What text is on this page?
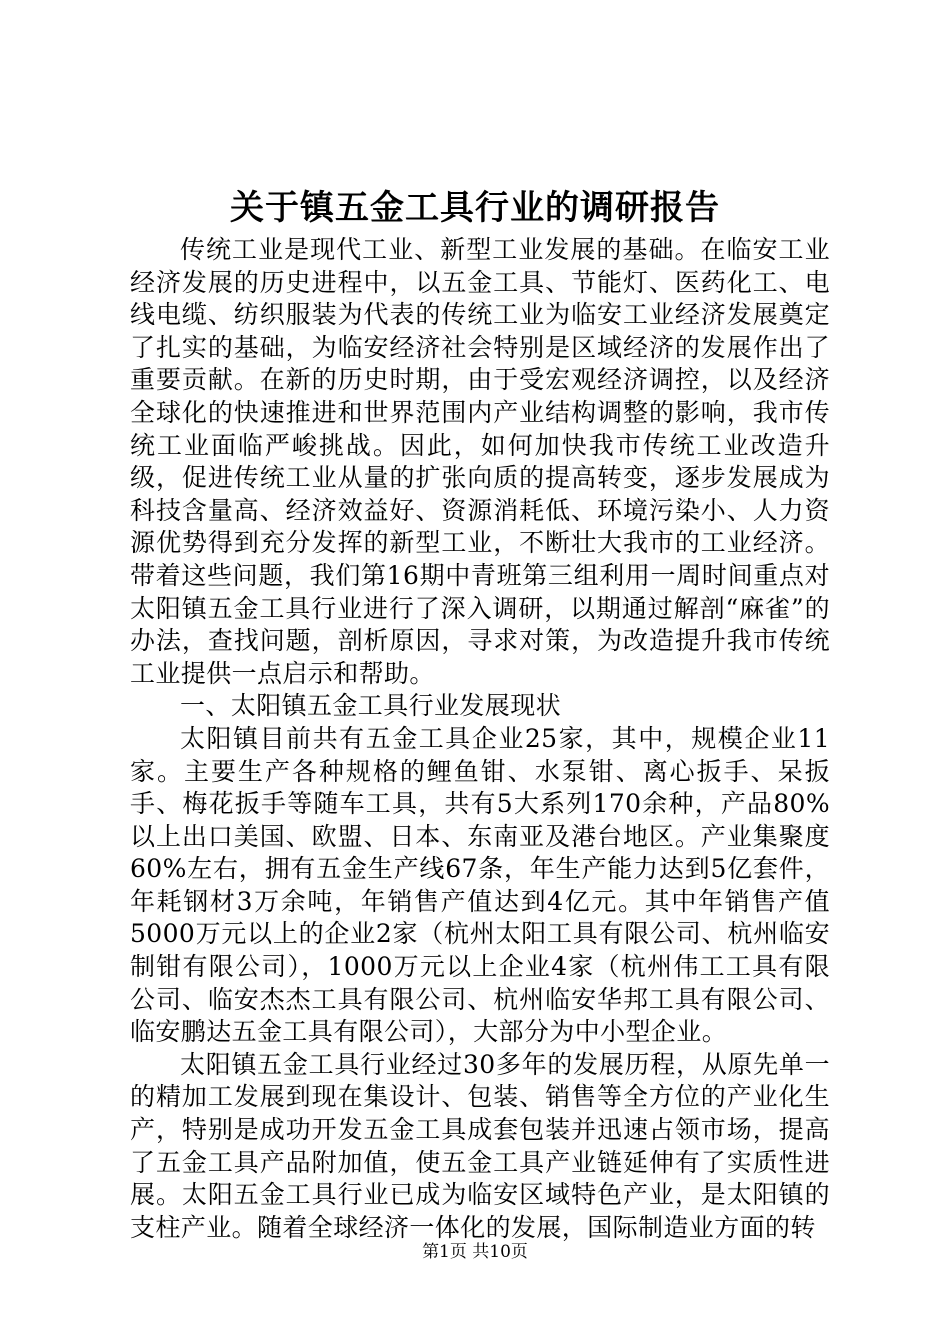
关于镇五金工具行业的调研报告

传统工业是现代工业、新型工业发展的基础。在临安工业经济发展的历史进程中，以五金工具、节能灯、医药化工、电线电缆、纺织服装为代表的传统工业为临安工业经济发展奠定了扎实的基础，为临安经济社会特别是区域经济的发展作出了重要贡献。在新的历史时期，由于受宏观经济调控，以及经济全球化的快速推进和世界范围内产业结构调整的影响，我市传统工业面临严峻挑战。因此，如何加快我市传统工业改造升级，促进传统工业从量的扩张向质的提高转变，逐步发展成为科技含量高、经济效益好、资源消耗低、环境污染小、人力资源优势得到充分发挥的新型工业，不断壮大我市的工业经济。带着这些问题，我们第16期中青班第三组利用一周时间重点对太阳镇五金工具行业进行了深入调研，以期通过解剖“麻雀”的办法，查找问题，剖析原因，寻求对策，为改造提升我市传统工业提供一点启示和帮助。

一、太阳镇五金工具行业发展现状

太阳镇目前共有五金工具企业25家，其中，规模企业11家。主要生产各种规格的鲤鱼钳、水泵钳、离心扳手、呆扳手、梅花扳手等随车工具，共有5大系列170余种，产品80%以上出口美国、欧盟、日本、东南亚及港台地区。产业集聚度60%左右，拥有五金生产线67条，年生产能力达到5亿套件，年耗钢材3万余吨，年销售产值达到4亿元。其中年销售产值5000万元以上的企业2家（杭州太阳工具有限公司、杭州临安制钳有限公司），1000万元以上企业4家（杭州伟工工具有限公司、临安杰杰工具有限公司、杭州临安华邦工具有限公司、临安鹏达五金工具有限公司），大部分为中小型企业。

太阳镇五金工具行业经过30多年的发展历程，从原先单一的精加工发展到现在集设计、包装、销售等全方位的产业化生产，特别是成功开发五金工具成套包装并迅速占领市场，提高了五金工具产品附加值，使五金工具产业链延伸有了实质性进展。太阳五金工具行业已成为临安区域特色产业，是太阳镇的支柱产业。随着全球经济一体化的发展，国际制造业方面的转

第1页 共10页
